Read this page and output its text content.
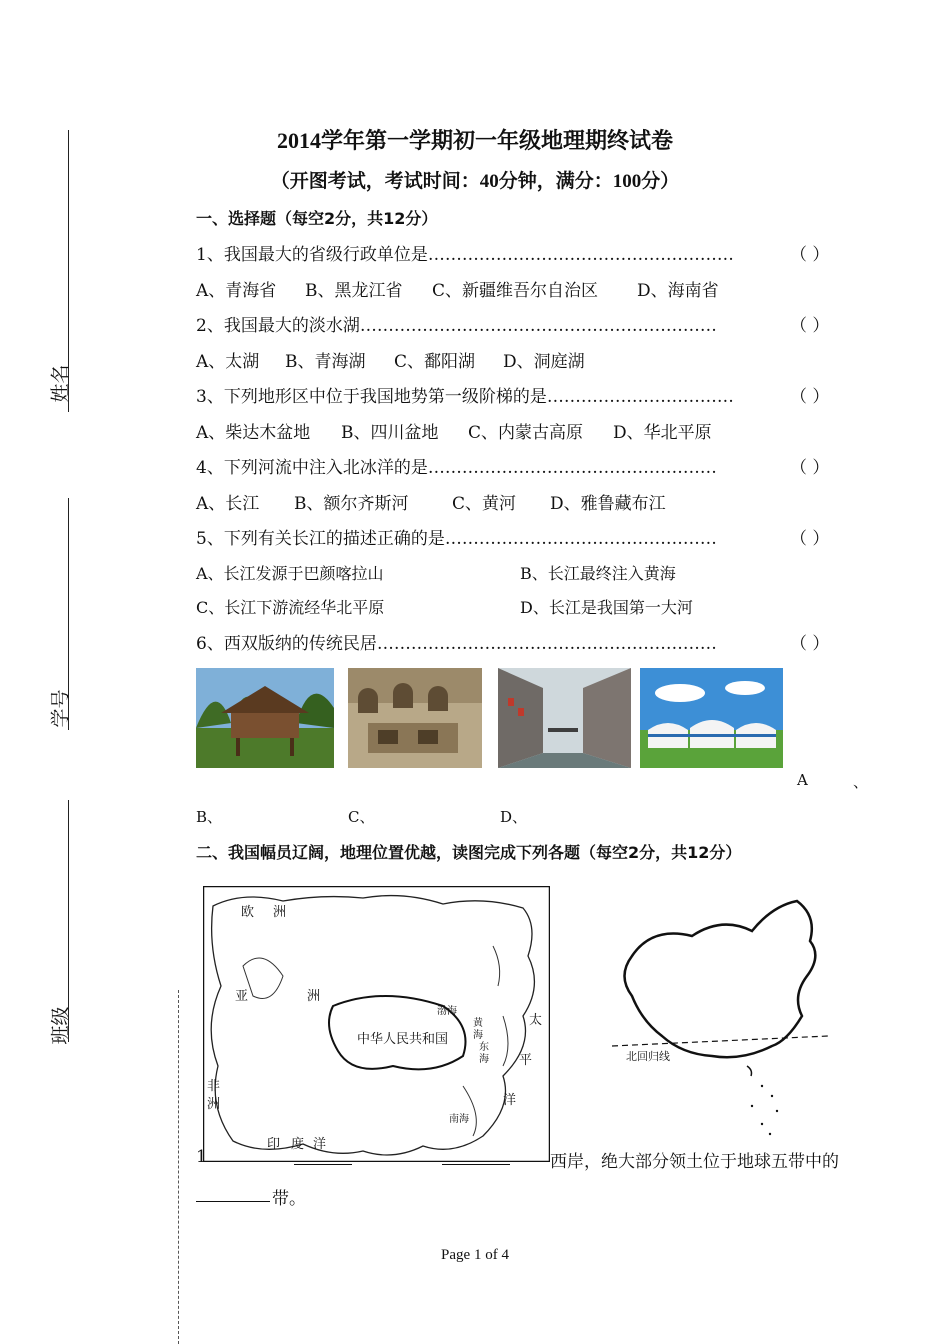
姓名
学号
班级
2014学年第一学期初一年级地理期终试卷
（开图考试，考试时间：40分钟，满分：100分）
一、选择题（每空2分，共12分）
1、我国最大的省级行政单位是………………………………………………	（ ）
A、青海省 B、黑龙江省 C、新疆维吾尔自治区 D、海南省
2、我国最大的淡水湖………………………………………………………	（ ）
A、太湖 B、青海湖 C、鄱阳湖 D、洞庭湖
3、下列地形区中位于我国地势第一级阶梯的是……………………………	（ ）
A、柴达木盆地 B、四川盆地 C、内蒙古高原 D、华北平原
4、下列河流中注入北冰洋的是……………………………………………	（ ）
A、长江 B、额尔齐斯河	C、黄河 D、雅鲁藏布江
5、下列有关长江的描述正确的是…………………………………………	（ ）
A、长江发源于巴颜喀拉山	B、长江最终注入黄海
C、长江下游流经华北平原	D、长江是我国第一大河
6、西双版纳的传统民居……………………………………………………	（ ）
A	、
B、	C、	D、
二、我国幅员辽阔，地理位置优越，读图完成下列各题（每空2分，共12分）
欧 洲
亚	洲
中华人民共和国
渤海
黄
海
东
海
太
平
洋
非
洲
印 度 洋
南海
北回归线
1	西岸，绝大部分领土位于地球五带中的
带。
Page 1 of 4
